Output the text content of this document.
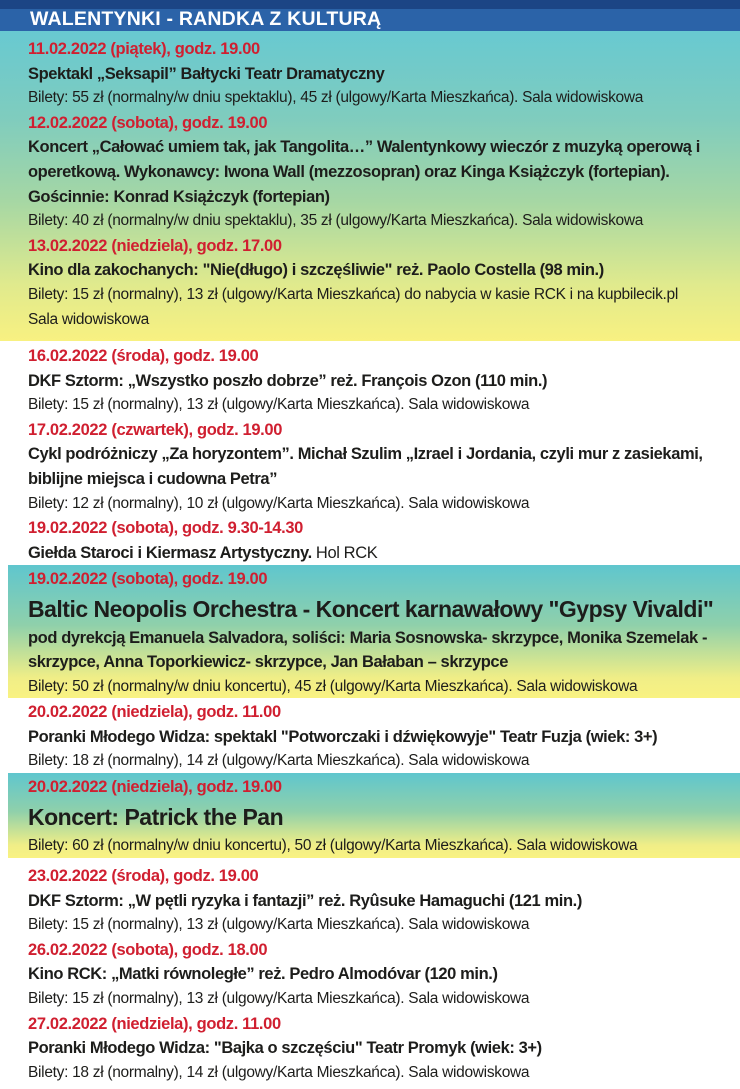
WALENTYNKI - RANDKA Z KULTURĄ
11.02.2022 (piątek), godz. 19.00
Spektakl „Seksapil” Bałtycki Teatr Dramatyczny
Bilety: 55 zł (normalny/w dniu spektaklu), 45 zł (ulgowy/Karta Mieszkańca). Sala widowiskowa
12.02.2022 (sobota), godz. 19.00
Koncert „Całować umiem tak, jak Tangolita…” Walentynkowy wieczór z muzyką operową i operetkową. Wykonawcy: Iwona Wall (mezzosopran) oraz Kinga Książczyk (fortepian). Gościnnie: Konrad Książczyk (fortepian)
Bilety: 40 zł (normalny/w dniu spektaklu), 35 zł (ulgowy/Karta Mieszkańca). Sala widowiskowa
13.02.2022 (niedziela), godz. 17.00
Kino dla zakochanych: "Nie(długo) i szczęśliwie" reż. Paolo Costella (98 min.)
Bilety: 15 zł (normalny), 13 zł (ulgowy/Karta Mieszkańca) do nabycia w kasie RCK i na kupbilecik.pl
Sala widowiskowa
16.02.2022 (środa), godz. 19.00
DKF Sztorm: „Wszystko poszło dobrze” reż. François Ozon (110 min.)
Bilety: 15 zł (normalny), 13 zł (ulgowy/Karta Mieszkańca). Sala widowiskowa
17.02.2022 (czwartek), godz. 19.00
Cykl podróżniczy „Za horyzontem”. Michał Szulim „Izrael i Jordania, czyli mur z zasiekami, biblijne miejsca i cudowna Petra”
Bilety: 12 zł (normalny), 10 zł (ulgowy/Karta Mieszkańca). Sala widowiskowa
19.02.2022 (sobota), godz. 9.30-14.30
Giełda Staroci i Kiermasz Artystyczny. Hol RCK
19.02.2022 (sobota), godz. 19.00
Baltic Neopolis Orchestra - Koncert karnawałowy "Gypsy Vivaldi"
pod dyrekcją Emanuela Salvadora, soliści: Maria Sosnowska- skrzypce, Monika Szemelak - skrzypce, Anna Toporkiewicz- skrzypce, Jan Bałaban – skrzypce
Bilety: 50 zł (normalny/w dniu koncertu), 45 zł (ulgowy/Karta Mieszkańca). Sala widowiskowa
20.02.2022 (niedziela), godz. 11.00
Poranki Młodego Widza: spektakl "Potworczaki i dźwiękowyje" Teatr Fuzja (wiek: 3+)
Bilety: 18 zł (normalny), 14 zł (ulgowy/Karta Mieszkańca). Sala widowiskowa
20.02.2022 (niedziela), godz. 19.00
Koncert: Patrick the Pan
Bilety: 60 zł (normalny/w dniu koncertu), 50 zł (ulgowy/Karta Mieszkańca). Sala widowiskowa
23.02.2022 (środa), godz. 19.00
DKF Sztorm: „W pętli ryzyka i fantazji” reż. Ryûsuke Hamaguchi (121 min.)
Bilety: 15 zł (normalny), 13 zł (ulgowy/Karta Mieszkańca). Sala widowiskowa
26.02.2022 (sobota), godz. 18.00
Kino RCK: „Matki równoległe” reż. Pedro Almodóvar (120 min.)
Bilety: 15 zł (normalny), 13 zł (ulgowy/Karta Mieszkańca). Sala widowiskowa
27.02.2022 (niedziela), godz. 11.00
Poranki Młodego Widza: "Bajka o szczęściu" Teatr Promyk (wiek: 3+)
Bilety: 18 zł (normalny), 14 zł (ulgowy/Karta Mieszkańca). Sala widowiskowa
